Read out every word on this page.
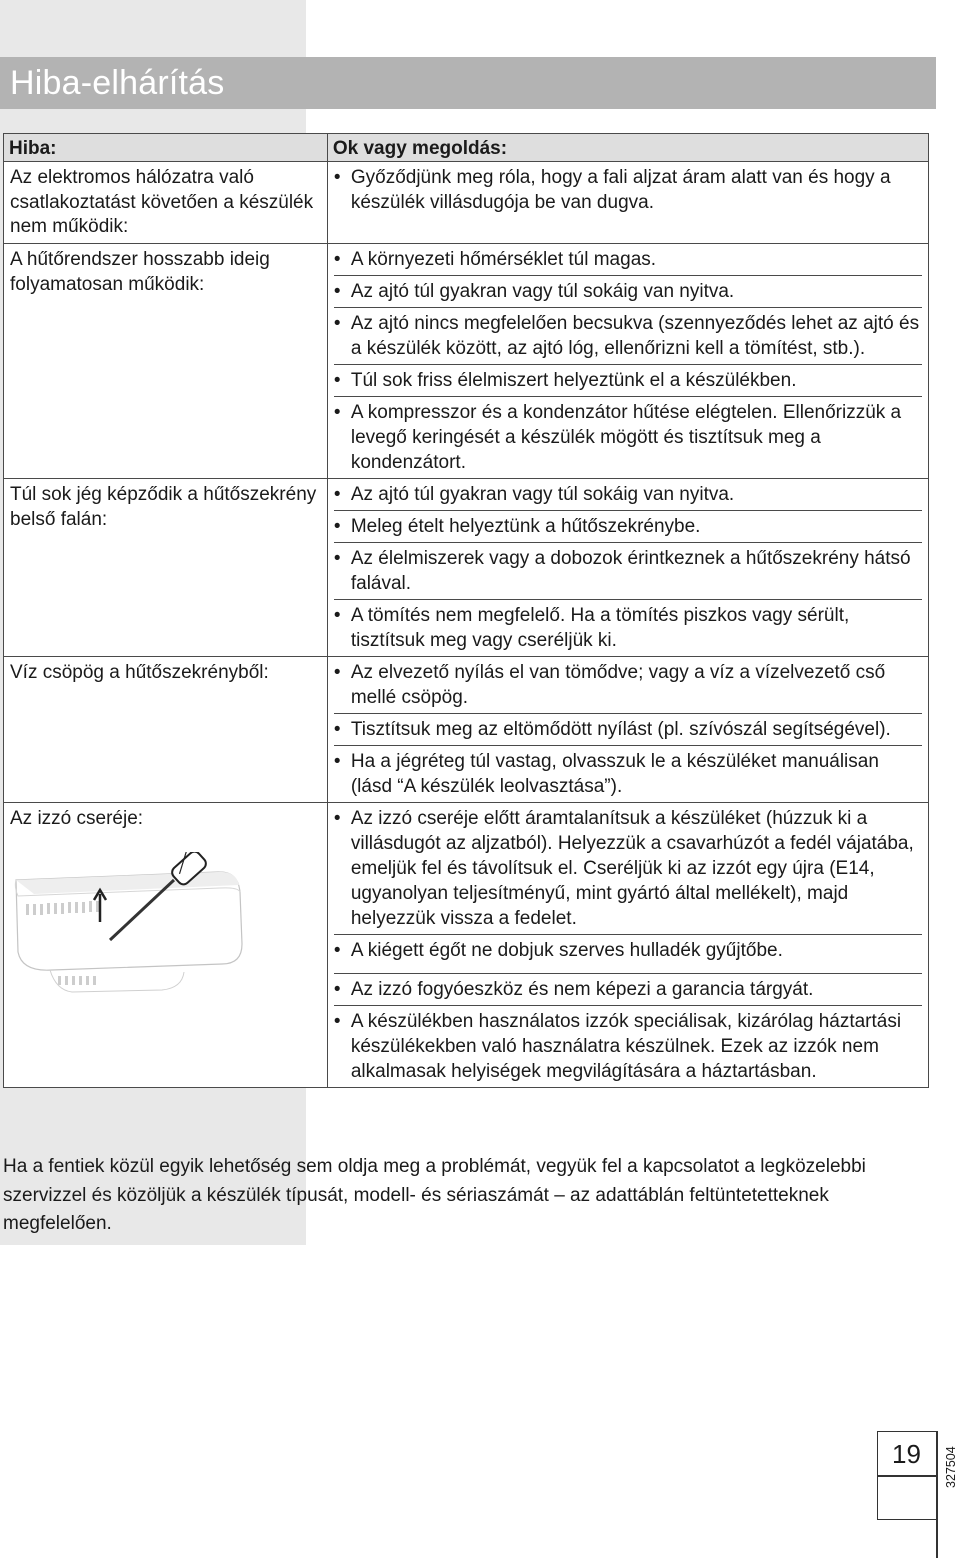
Hiba-elhárítás
Hiba:	Ok vagy megoldás:
Az elektromos hálózatra való csatlakoztatást követően a készülék nem működik:	• Győződjünk meg róla, hogy a fali aljzat áram alatt van és hogy a készülék villásdugója be van dugva.

A hűtőrendszer hosszabb ideig folyamatosan működik:	• A környezeti hőmérséklet túl magas.
• Az ajtó túl gyakran vagy túl sokáig van nyitva.
• Az ajtó nincs megfelelően becsukva (szennyeződés lehet az ajtó és a készülék között, az ajtó lóg, ellenőrizni kell a tömítést, stb.).
• Túl sok friss élelmiszert helyeztünk el a készülékben.
• A kompresszor és a kondenzátor hűtése elégtelen. Ellenőrizzük a levegő keringését a készülék mögött és tisztítsuk meg a kondenzátort.

Túl sok jég képződik a hűtőszekrény belső falán:	• Az ajtó túl gyakran vagy túl sokáig van nyitva.
• Meleg ételt helyeztünk a hűtőszekrénybe.
• Az élelmiszerek vagy a dobozok érintkeznek a hűtőszekrény hátsó falával.
• A tömítés nem megfelelő. Ha a tömítés piszkos vagy sérült, tisztítsuk meg vagy cseréljük ki.

Víz csöpög a hűtőszekrényből:	• Az elvezető nyílás el van tömődve; vagy a víz a vízelvezető cső mellé csöpög.
• Tisztítsuk meg az eltömődött nyílást (pl. szívószál segítségével).
• Ha a jégréteg túl vastag, olvasszuk le a készüléket manuálisan (lásd “A készülék leolvasztása”).

Az izzó cseréje:	• Az izzó cseréje előtt áramtalanítsuk a készüléket (húzzuk ki a villásdugót az aljzatból). Helyezzük a csavarhúzót a fedél vájatába, emeljük fel és távolítsuk el. Cseréljük ki az izzót egy újra (E14, ugyanolyan teljesítményű, mint gyártó által mellékelt), majd helyezzük vissza a fedelet.
• A kiégett égőt ne dobjuk szerves hulladék gyűjtőbe.
• Az izzó fogyóeszköz és nem képezi a garancia tárgyát.
• A készülékben használatos izzók speciálisak, kizárólag háztartási készülékekben való használatra készülnek. Ezek az izzók nem alkalmasak helyiségek megvilágítására a háztartásban.

Ha a fentiek közül egyik lehetőség sem oldja meg a problémát, vegyük fel a kapcsolatot a legközelebbi szervizzel és közöljük a készülék típusát, modell- és sériaszámát – az adattáblán feltüntetetteknek megfelelően.

327504
19
